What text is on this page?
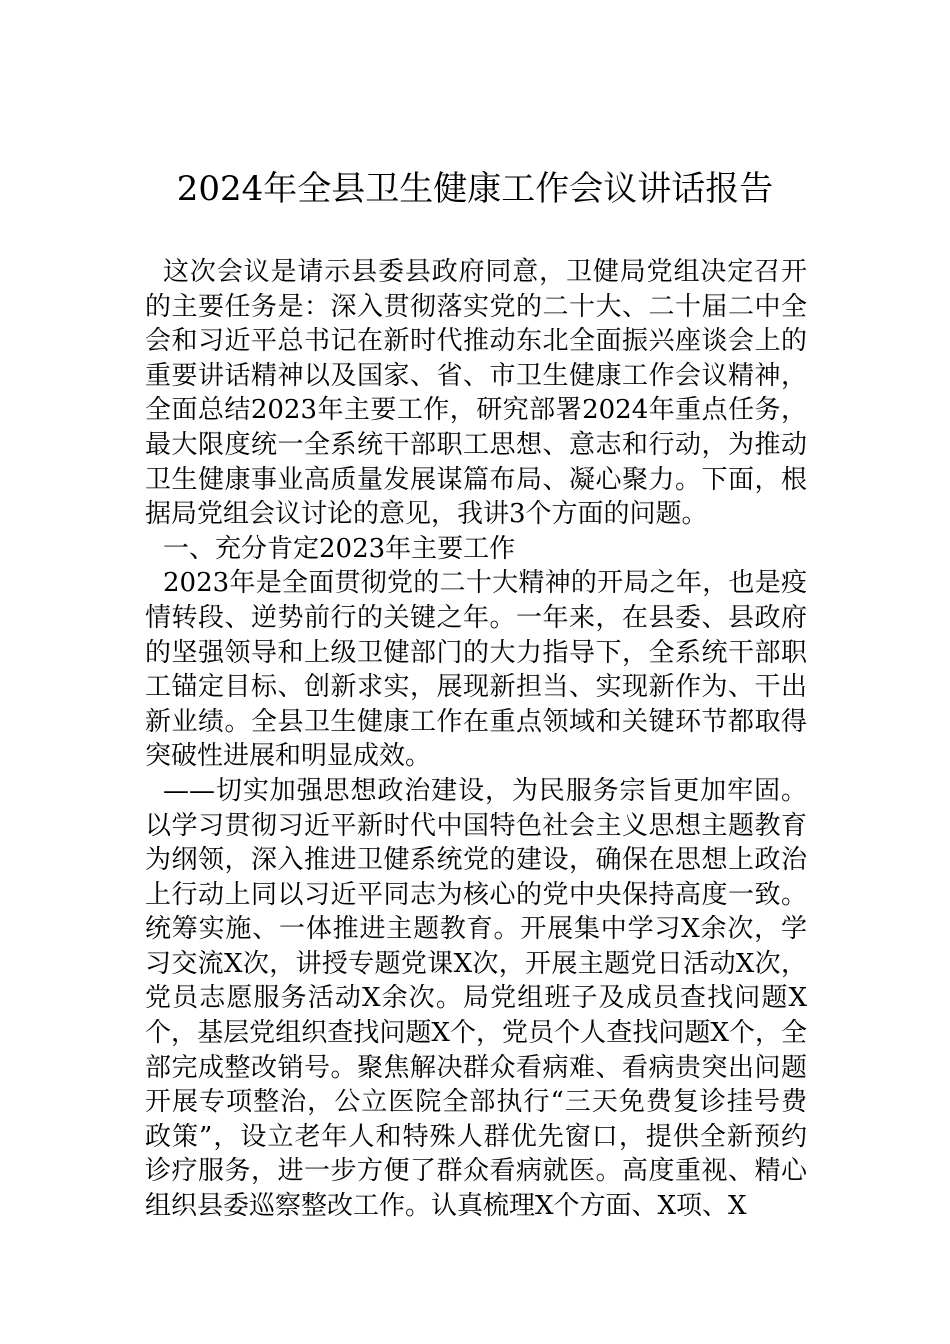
2024年全县卫生健康工作会议讲话报告

这次会议是请示县委县政府同意，卫健局党组决定召开的主要任务是：深入贯彻落实党的二十大、二十届二中全会和习近平总书记在新时代推动东北全面振兴座谈会上的重要讲话精神以及国家、省、市卫生健康工作会议精神，全面总结2023年主要工作，研究部署2024年重点任务，最大限度统一全系统干部职工思想、意志和行动，为推动卫生健康事业高质量发展谋篇布局、凝心聚力。下面，根据局党组会议讨论的意见，我讲3个方面的问题。

一、充分肯定2023年主要工作

2023年是全面贯彻党的二十大精神的开局之年，也是疫情转段、逆势前行的关键之年。一年来，在县委、县政府的坚强领导和上级卫健部门的大力指导下，全系统干部职工锚定目标、创新求实，展现新担当、实现新作为、干出新业绩。全县卫生健康工作在重点领域和关键环节都取得突破性进展和明显成效。

——切实加强思想政治建设，为民服务宗旨更加牢固。以学习贯彻习近平新时代中国特色社会主义思想主题教育为纲领，深入推进卫健系统党的建设，确保在思想上政治上行动上同以习近平同志为核心的党中央保持高度一致。统筹实施、一体推进主题教育。开展集中学习X余次，学习交流X次，讲授专题党课X次，开展主题党日活动X次，党员志愿服务活动X余次。局党组班子及成员查找问题X个，基层党组织查找问题X个，党员个人查找问题X个，全部完成整改销号。聚焦解决群众看病难、看病贵突出问题开展专项整治，公立医院全部执行“三天免费复诊挂号费政策”，设立老年人和特殊人群优先窗口，提供全新预约诊疗服务，进一步方便了群众看病就医。高度重视、精心组织县委巡察整改工作。认真梳理X个方面、X项、X
